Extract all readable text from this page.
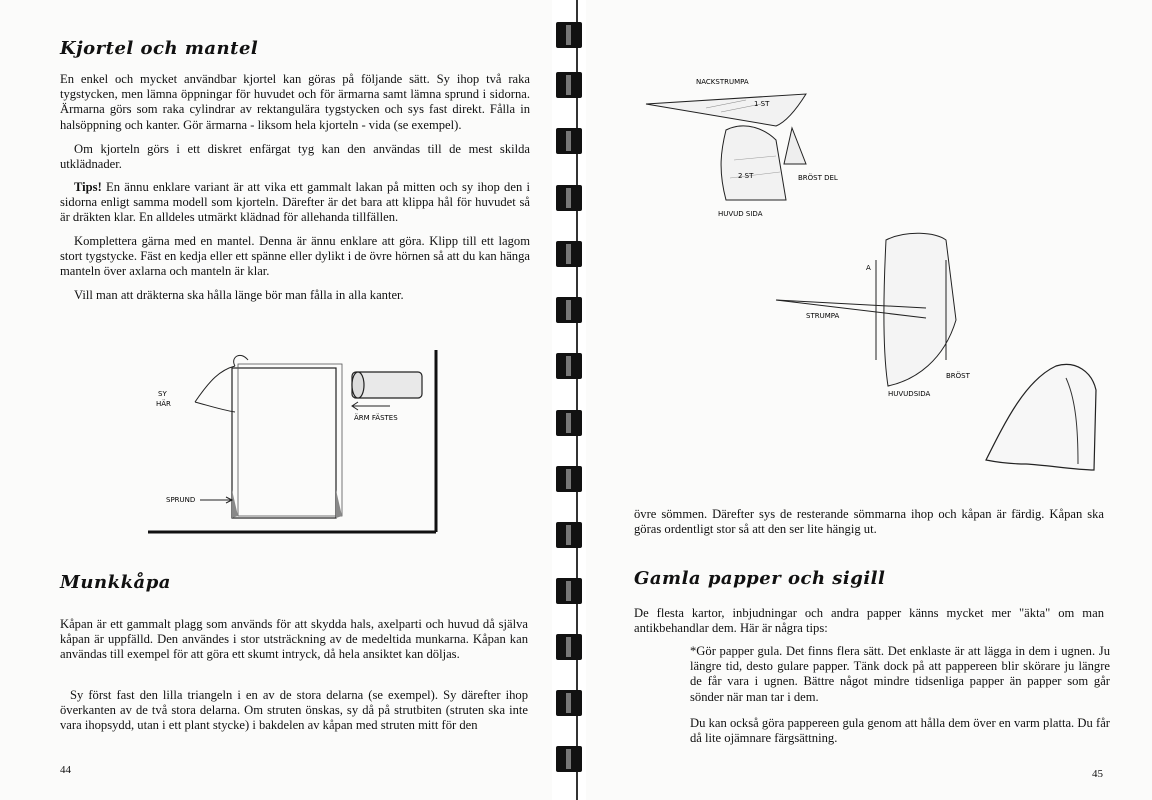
Kjortel och mantel

En enkel och mycket användbar kjortel kan göras på följande sätt. Sy ihop två raka tygstycken, men lämna öppningar för huvudet och för ärmarna samt lämna sprund i sidorna. Ärmarna görs som raka cylindrar av rektangulära tygstycken och sys fast direkt. Fålla in halsöppning och kanter. Gör ärmarna - liksom hela kjorteln - vida (se exempel).

Om kjorteln görs i ett diskret enfärgat tyg kan den användas till de mest skilda utklädnader.

Tips! En ännu enklare variant är att vika ett gammalt lakan på mitten och sy ihop den i sidorna enligt samma modell som kjorteln. Därefter är det bara att klippa hål för huvudet så är dräkten klar. En alldeles utmärkt klädnad för allehanda tillfällen.

Komplettera gärna med en mantel. Denna är ännu enklare att göra. Klipp till ett lagom stort tygstycke. Fäst en kedja eller ett spänne eller dylikt i de övre hörnen så att du kan hänga manteln över axlarna och manteln är klar.

Vill man att dräkterna ska hålla länge bör man fålla in alla kanter.

SY
HÄR
SPRUND
ÄRM FÄSTES
Munkkåpa

Kåpan är ett gammalt plagg som används för att skydda hals, axelparti och huvud då själva kåpan är uppfälld. Den användes i stor utsträckning av de medeltida munkarna. Kåpan kan användas till exempel för att göra ett skumt intryck, då hela ansiktet kan döljas.

Sy först fast den lilla triangeln i en av de stora delarna (se exempel). Sy därefter ihop överkanten av de två stora delarna. Om struten önskas, sy då på strutbiten (struten ska inte vara ihopsydd, utan i ett plant stycke) i bakdelen av kåpan med struten mitt för den

44
NACKSTRUMPA
1 ST
2 ST
HUVUD SIDA
BRÖST DEL
STRUMPA
HUVUDSIDA
BRÖST
A

övre sömmen. Därefter sys de resterande sömmarna ihop och kåpan är färdig. Kåpan ska göras ordentligt stor så att den ser lite hängig ut.

Gamla papper och sigill

De flesta kartor, inbjudningar och andra papper känns mycket mer "äkta" om man antikbehandlar dem. Här är några tips:

*Gör papper gula. Det finns flera sätt. Det enklaste är att lägga in dem i ugnen. Ju längre tid, desto gulare papper. Tänk dock på att pappereen blir skörare ju längre de får vara i ugnen. Bättre något mindre tidsenliga papper än papper som går sönder när man tar i dem.

Du kan också göra pappereen gula genom att hålla dem över en varm platta. Du får då lite ojämnare färgsättning.

45
